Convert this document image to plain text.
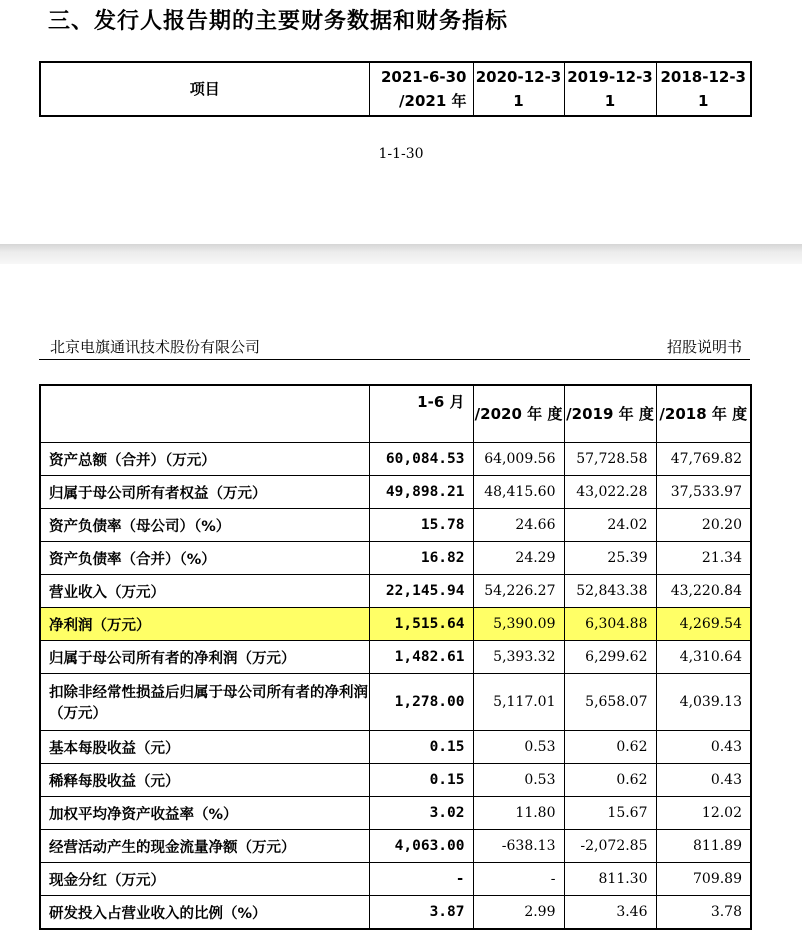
三、发行人报告期的主要财务数据和财务指标
项目	2021-6-30 /2021 年	2020-12-3 1	2019-12-3 1	2018-12-3 1
1-1-30
北京电旗通讯技术股份有限公司	招股说明书
	1-6 月	/2020 年 度	/2019 年 度	/2018 年 度
资产总额（合并）（万元）	60,084.53	64,009.56	57,728.58	47,769.82
归属于母公司所有者权益（万元）	49,898.21	48,415.60	43,022.28	37,533.97
资产负债率（母公司）（%）	15.78	24.66	24.02	20.20
资产负债率（合并）（%）	16.82	24.29	25.39	21.34
营业收入（万元）	22,145.94	54,226.27	52,843.38	43,220.84
净利润（万元）	1,515.64	5,390.09	6,304.88	4,269.54
归属于母公司所有者的净利润（万元）	1,482.61	5,393.32	6,299.62	4,310.64
扣除非经常性损益后归属于母公司所有者的净利润（万元）	1,278.00	5,117.01	5,658.07	4,039.13
基本每股收益（元）	0.15	0.53	0.62	0.43
稀释每股收益（元）	0.15	0.53	0.62	0.43
加权平均净资产收益率（%）	3.02	11.80	15.67	12.02
经营活动产生的现金流量净额（万元）	4,063.00	-638.13	-2,072.85	811.89
现金分红（万元）	-	-	811.30	709.89
研发投入占营业收入的比例（%）	3.87	2.99	3.46	3.78
